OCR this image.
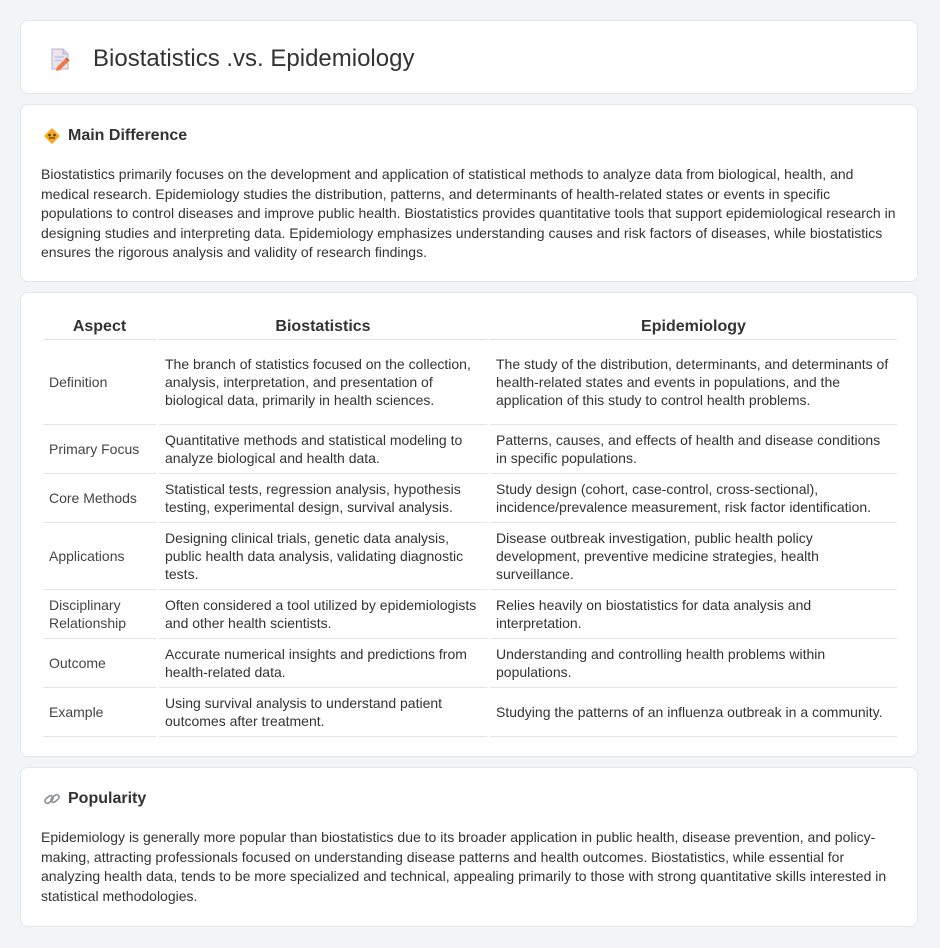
Biostatistics .vs. Epidemiology
Main Difference

Biostatistics primarily focuses on the development and application of statistical methods to analyze data from biological, health, and medical research. Epidemiology studies the distribution, patterns, and determinants of health-related states or events in specific populations to control diseases and improve public health. Biostatistics provides quantitative tools that support epidemiological research in designing studies and interpreting data. Epidemiology emphasizes understanding causes and risk factors of diseases, while biostatistics ensures the rigorous analysis and validity of research findings.

Aspect	Biostatistics	Epidemiology
Definition	The branch of statistics focused on the collection, analysis, interpretation, and presentation of biological data, primarily in health sciences.	The study of the distribution, determinants, and determinants of health-related states and events in populations, and the application of this study to control health problems.
Primary Focus	Quantitative methods and statistical modeling to analyze biological and health data.	Patterns, causes, and effects of health and disease conditions in specific populations.
Core Methods	Statistical tests, regression analysis, hypothesis testing, experimental design, survival analysis.	Study design (cohort, case-control, cross-sectional), incidence/prevalence measurement, risk factor identification.
Applications	Designing clinical trials, genetic data analysis, public health data analysis, validating diagnostic tests.	Disease outbreak investigation, public health policy development, preventive medicine strategies, health surveillance.
Disciplinary Relationship	Often considered a tool utilized by epidemiologists and other health scientists.	Relies heavily on biostatistics for data analysis and interpretation.
Outcome	Accurate numerical insights and predictions from health-related data.	Understanding and controlling health problems within populations.
Example	Using survival analysis to understand patient outcomes after treatment.	Studying the patterns of an influenza outbreak in a community.
Popularity

Epidemiology is generally more popular than biostatistics due to its broader application in public health, disease prevention, and policy-making, attracting professionals focused on understanding disease patterns and health outcomes. Biostatistics, while essential for analyzing health data, tends to be more specialized and technical, appealing primarily to those with strong quantitative skills interested in statistical methodologies.
